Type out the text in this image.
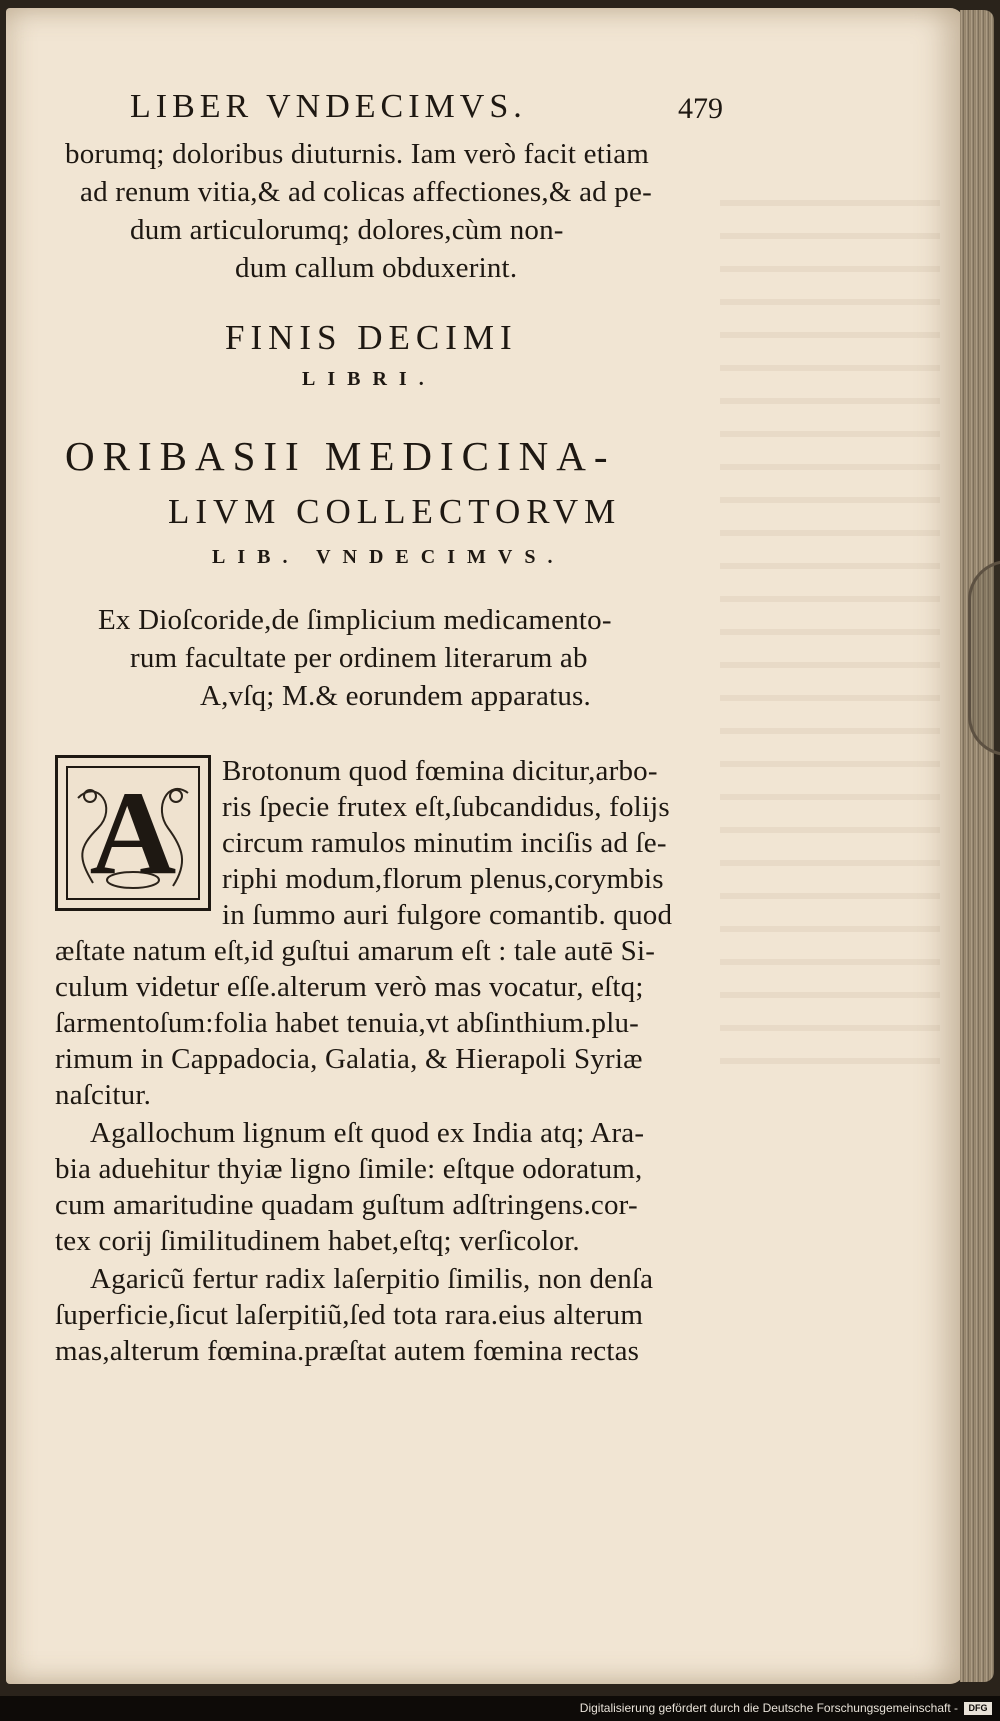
LIBER VNDECIMVS.	479
borumq; doloribus diuturnis. Iam verò facit etiam
ad renum vitia,& ad colicas affectiones,& ad pe-
dum articulorumq; dolores,cùm non-
dum callum obduxerint.
FINIS DECIMI
LIBRI.
ORIBASII MEDICINA-
LIVM COLLECTORVM
LIB. VNDECIMVS.
Ex Dioſcoride,de ſimplicium medicamento-
rum facultate per ordinem literarum ab
A,vſq; M.& eorundem apparatus.
A	Brotonum quod fœmina dicitur,arbo-
ris ſpecie frutex eſt,ſubcandidus, folijs
circum ramulos minutim inciſis ad ſe-
riphi modum,florum plenus,corymbis
in ſummo auri fulgore comantib. quod
æſtate natum eſt,id guſtui amarum eſt : tale autē Si-
culum videtur eſſe.alterum verò mas vocatur, eſtq;
ſarmentoſum:folia habet tenuia,vt abſinthium.plu-
rimum in Cappadocia, Galatia, & Hierapoli Syriæ
naſcitur.
Agallochum lignum eſt quod ex India atq; Ara-
bia aduehitur thyiæ ligno ſimile: eſtque odoratum,
cum amaritudine quadam guſtum adſtringens.cor-
tex corij ſimilitudinem habet,eſtq; verſicolor.
Agaricũ fertur radix laſerpitio ſimilis, non denſa
ſuperficie,ſicut laſerpitiũ,ſed tota rara.eius alterum
mas,alterum fœmina.præſtat autem fœmina rectas
Digitalisierung gefördert durch die Deutsche Forschungsgemeinschaft -	DFG
